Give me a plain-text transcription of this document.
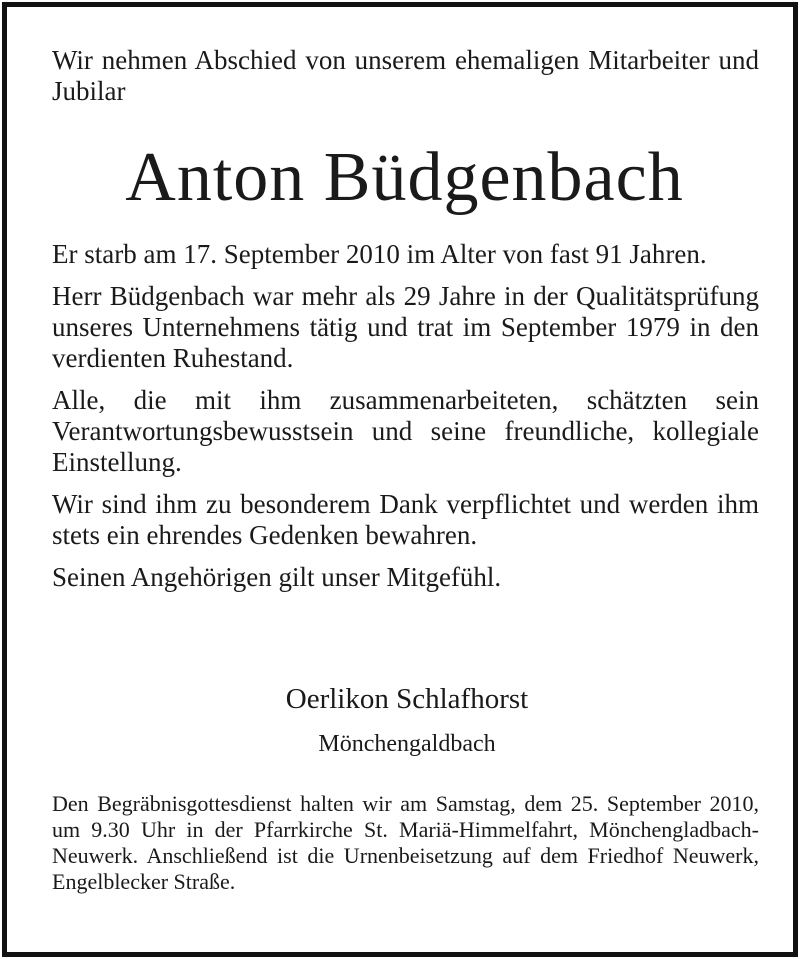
Wir nehmen Abschied von unserem ehemaligen Mitarbeiter und Jubilar
Anton Büdgenbach

Er starb am 17. September 2010 im Alter von fast 91 Jahren.

Herr Büdgenbach war mehr als 29 Jahre in der Qualitätsprüfung unseres Unternehmens tätig und trat im September 1979 in den verdienten Ruhestand.

Alle, die mit ihm zusammenarbeiteten, schätzten sein Verantwortungsbewusstsein und seine freundliche, kollegiale Einstellung.

Wir sind ihm zu besonderem Dank verpflichtet und werden ihm stets ein ehrendes Gedenken bewahren.

Seinen Angehörigen gilt unser Mitgefühl.

Oerlikon Schlafhorst
Mönchengaldbach
Den Begräbnisgottesdienst halten wir am Samstag, dem 25. September 2010, um 9.30 Uhr in der Pfarrkirche St. Mariä-Himmelfahrt, Mönchengladbach-Neuwerk. Anschließend ist die Urnenbeisetzung auf dem Friedhof Neuwerk, Engelblecker Straße.
